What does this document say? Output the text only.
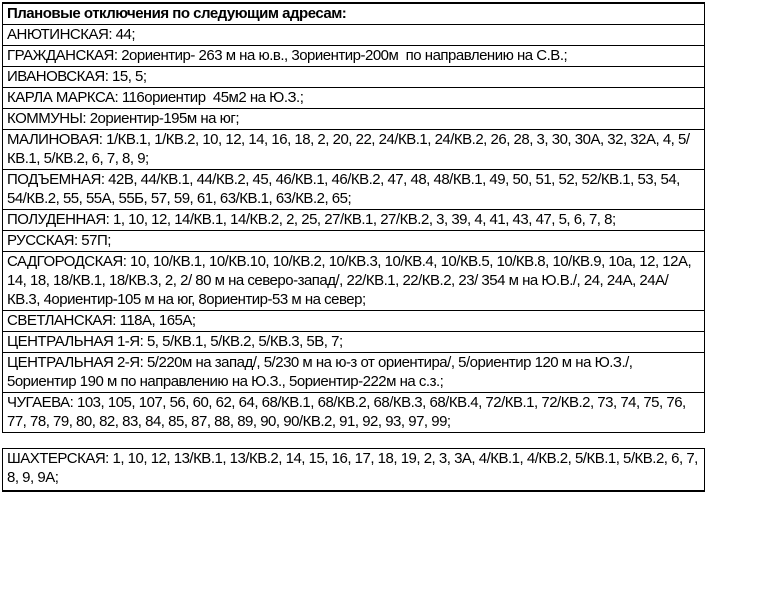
Плановые отключения по следующим адресам:
АНЮТИНСКАЯ: 44;
ГРАЖДАНСКАЯ: 2ориентир- 263 м на ю.в., 3ориентир-200м  по направлению на С.В.;
ИВАНОВСКАЯ: 15, 5;
КАРЛА МАРКСА: 116ориентир  45м2 на Ю.З.;
КОММУНЫ: 2ориентир-195м на юг;
МАЛИНОВАЯ: 1/КВ.1, 1/КВ.2, 10, 12, 14, 16, 18, 2, 20, 22, 24/КВ.1, 24/КВ.2, 26, 28, 3, 30, 30А, 32, 32А, 4, 5/КВ.1, 5/КВ.2, 6, 7, 8, 9;
ПОДЪЕМНАЯ: 42В, 44/КВ.1, 44/КВ.2, 45, 46/КВ.1, 46/КВ.2, 47, 48, 48/КВ.1, 49, 50, 51, 52, 52/КВ.1, 53, 54, 54/КВ.2, 55, 55А, 55Б, 57, 59, 61, 63/КВ.1, 63/КВ.2, 65;
ПОЛУДЕННАЯ: 1, 10, 12, 14/КВ.1, 14/КВ.2, 2, 25, 27/КВ.1, 27/КВ.2, 3, 39, 4, 41, 43, 47, 5, 6, 7, 8;
РУССКАЯ: 57П;
САДГОРОДСКАЯ: 10, 10/КВ.1, 10/КВ.10, 10/КВ.2, 10/КВ.3, 10/КВ.4, 10/КВ.5, 10/КВ.8, 10/КВ.9, 10а, 12, 12А, 14, 18, 18/КВ.1, 18/КВ.3, 2, 2/ 80 м на северо-запад/, 22/КВ.1, 22/КВ.2, 23/ 354 м на Ю.В./, 24, 24А, 24А/КВ.3, 4ориентир-105 м на юг, 8ориентир-53 м на север;
СВЕТЛАНСКАЯ: 118А, 165А;
ЦЕНТРАЛЬНАЯ 1-Я: 5, 5/КВ.1, 5/КВ.2, 5/КВ.3, 5В, 7;
ЦЕНТРАЛЬНАЯ 2-Я: 5/220м на запад/, 5/230 м на ю-з от ориентира/, 5/ориентир 120 м на Ю.З./, 5ориентир 190 м по направлению на Ю.З., 5ориентир-222м на с.з.;
ЧУГАЕВА: 103, 105, 107, 56, 60, 62, 64, 68/КВ.1, 68/КВ.2, 68/КВ.3, 68/КВ.4, 72/КВ.1, 72/КВ.2, 73, 74, 75, 76, 77, 78, 79, 80, 82, 83, 84, 85, 87, 88, 89, 90, 90/КВ.2, 91, 92, 93, 97, 99;
ШАХТЕРСКАЯ: 1, 10, 12, 13/КВ.1, 13/КВ.2, 14, 15, 16, 17, 18, 19, 2, 3, 3А, 4/КВ.1, 4/КВ.2, 5/КВ.1, 5/КВ.2, 6, 7, 8, 9, 9А;
